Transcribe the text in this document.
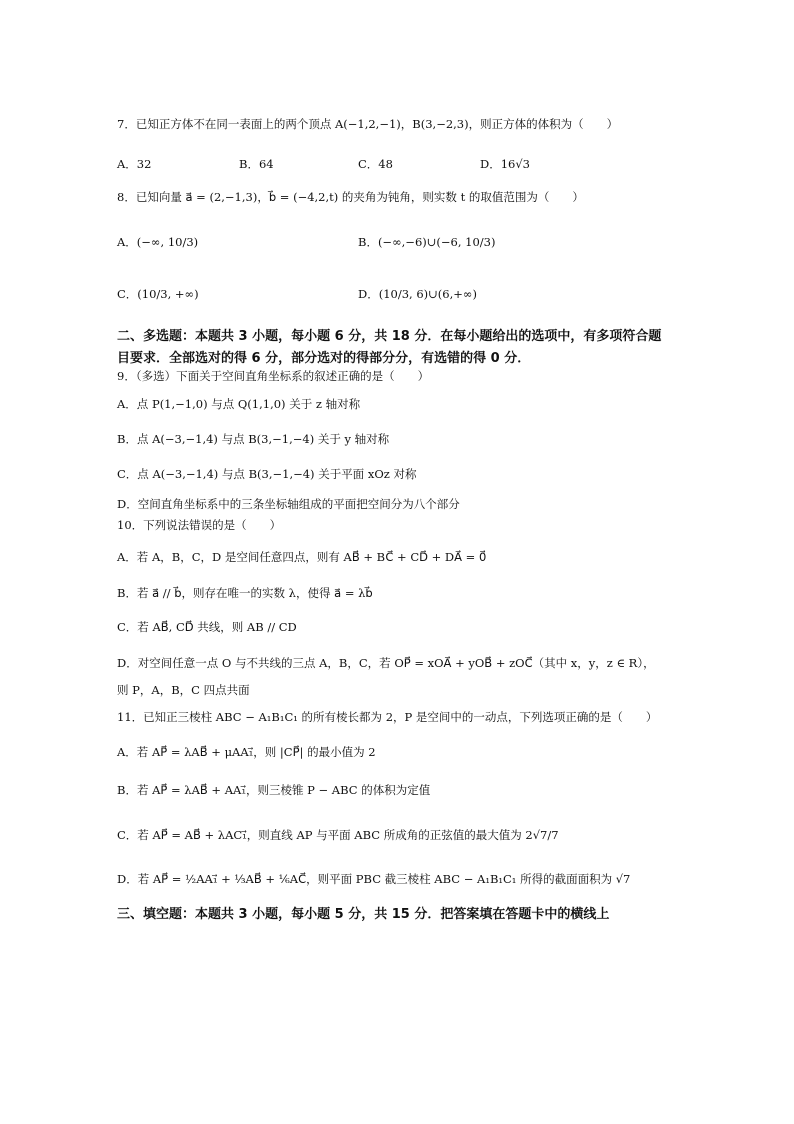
7．已知正方体不在同一表面上的两个顶点 A(−1,2,−1)，B(3,−2,3)，则正方体的体积为（　　）
A．32	B．64	C．48	D．16√3
8．已知向量 a⃗ = (2,−1,3)，b⃗ = (−4,2,t) 的夹角为钝角，则实数 t 的取值范围为（　　）
A．(−∞, 10/3)	B．(−∞,−6)∪(−6, 10/3)
C．(10/3, +∞)	D．(10/3, 6)∪(6,+∞)
二、多选题：本题共 3 小题，每小题 6 分，共 18 分．在每小题给出的选项中，有多项符合题
目要求．全部选对的得 6 分，部分选对的得部分分，有选错的得 0 分．
9．（多选）下面关于空间直角坐标系的叙述正确的是（　　）
A．点 P(1,−1,0) 与点 Q(1,1,0) 关于 z 轴对称
B．点 A(−3,−1,4) 与点 B(3,−1,−4) 关于 y 轴对称
C．点 A(−3,−1,4) 与点 B(3,−1,−4) 关于平面 xOz 对称
D．空间直角坐标系中的三条坐标轴组成的平面把空间分为八个部分
10．下列说法错误的是（　　）
A．若 A，B，C，D 是空间任意四点，则有 AB⃗ + BC⃗ + CD⃗ + DA⃗ = 0⃗
B．若 a⃗ // b⃗，则存在唯一的实数 λ，使得 a⃗ = λb⃗
C．若 AB⃗, CD⃗ 共线，则 AB // CD
D．对空间任意一点 O 与不共线的三点 A，B，C，若 OP⃗ = xOA⃗ + yOB⃗ + zOC⃗（其中 x，y，z ∈ R），
则 P，A，B，C 四点共面
11．已知正三棱柱 ABC − A₁B₁C₁ 的所有棱长都为 2，P 是空间中的一动点，下列选项正确的是（　　）
A．若 AP⃗ = λAB⃗ + μAA₁⃗，则 |CP⃗| 的最小值为 2
B．若 AP⃗ = λAB⃗ + AA₁⃗，则三棱锥 P − ABC 的体积为定值
C．若 AP⃗ = AB⃗ + λAC₁⃗，则直线 AP 与平面 ABC 所成角的正弦值的最大值为 2√7/7
D．若 AP⃗ = ½AA₁⃗ + ⅓AB⃗ + ⅙AC⃗，则平面 PBC 截三棱柱 ABC − A₁B₁C₁ 所得的截面面积为 √7
三、填空题：本题共 3 小题，每小题 5 分，共 15 分．把答案填在答题卡中的横线上
